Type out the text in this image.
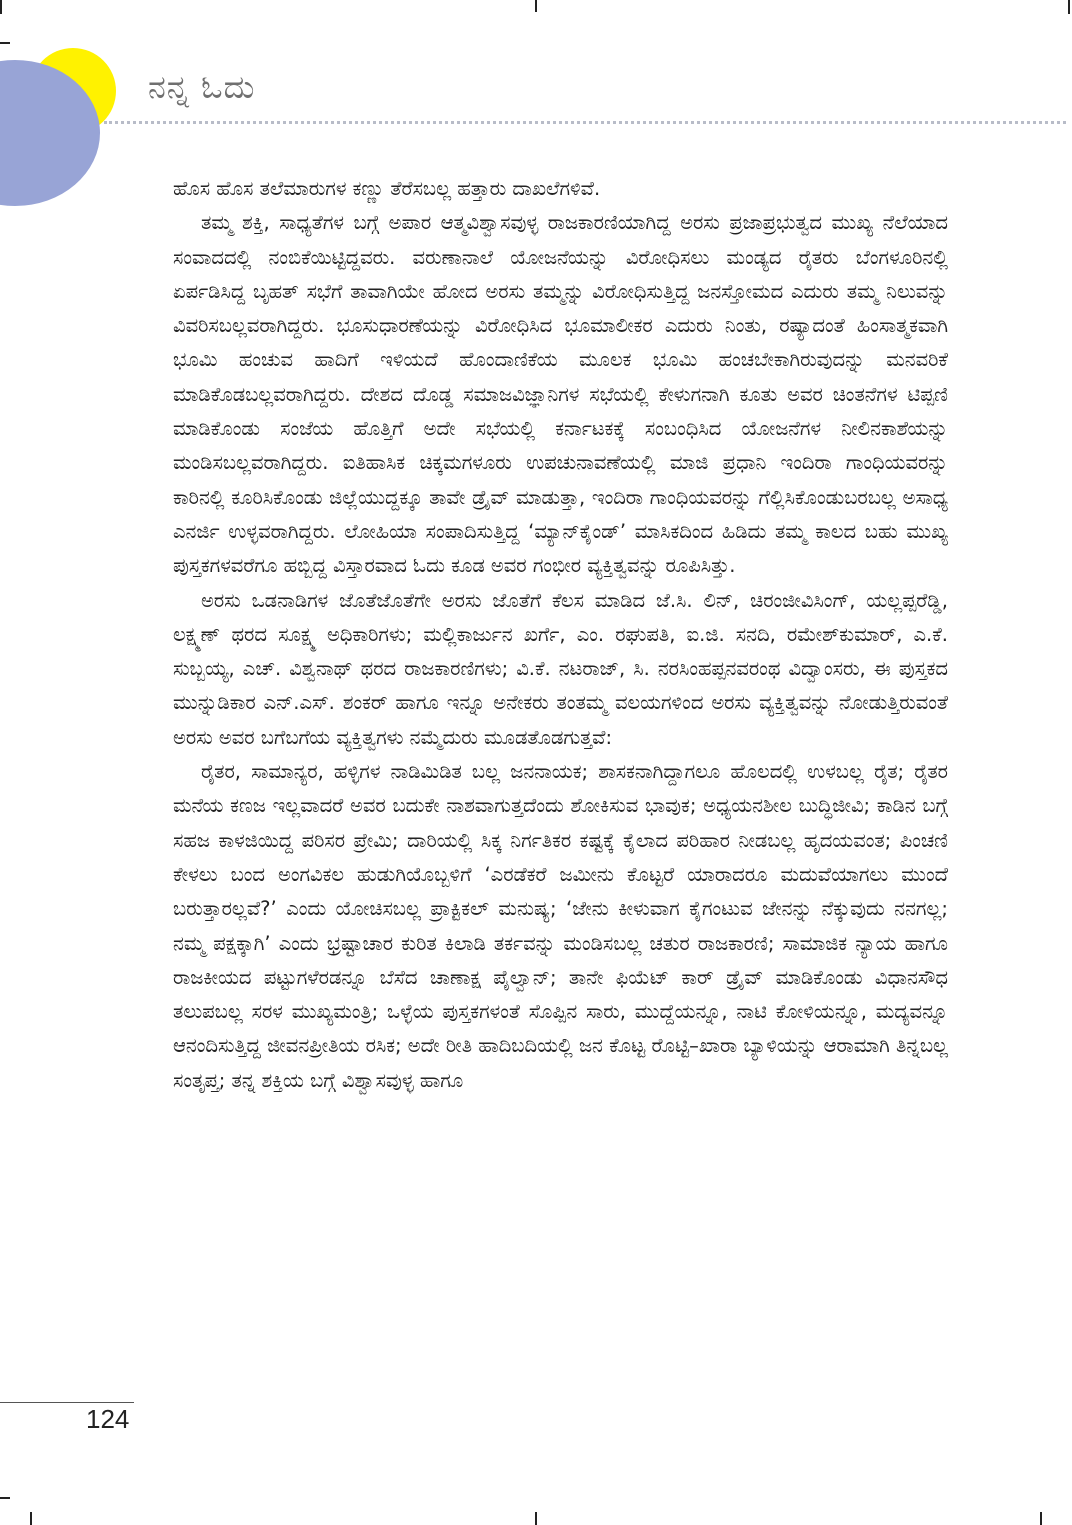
ನನ್ನ ಓದು

ಹೊಸ ಹೊಸ ತಲೆಮಾರುಗಳ ಕಣ್ಣು ತೆರೆಸಬಲ್ಲ ಹತ್ತಾರು ದಾಖಲೆಗಳಿವೆ.

ತಮ್ಮ ಶಕ್ತಿ, ಸಾಧ್ಯತೆಗಳ ಬಗ್ಗೆ ಅಪಾರ ಆತ್ಮವಿಶ್ವಾಸವುಳ್ಳ ರಾಜಕಾರಣಿಯಾಗಿದ್ದ ಅರಸು ಪ್ರಜಾಪ್ರಭುತ್ವದ ಮುಖ್ಯ ನೆಲೆಯಾದ ಸಂವಾದದಲ್ಲಿ ನಂಬಿಕೆಯಿಟ್ಟಿದ್ದವರು. ವರುಣಾನಾಲೆ ಯೋಜನೆಯನ್ನು ವಿರೋಧಿಸಲು ಮಂಡ್ಯದ ರೈತರು ಬೆಂಗಳೂರಿನಲ್ಲಿ ಏರ್ಪಡಿಸಿದ್ದ ಬೃಹತ್ ಸಭೆಗೆ ತಾವಾಗಿಯೇ ಹೋದ ಅರಸು ತಮ್ಮನ್ನು ವಿರೋಧಿಸುತ್ತಿದ್ದ ಜನಸ್ತೋಮದ ಎದುರು ತಮ್ಮ ನಿಲುವನ್ನು ವಿವರಿಸಬಲ್ಲವರಾಗಿದ್ದರು. ಭೂಸುಧಾರಣೆಯನ್ನು ವಿರೋಧಿಸಿದ ಭೂಮಾಲೀಕರ ಎದುರು ನಿಂತು, ರಷ್ಯಾದಂತೆ ಹಿಂಸಾತ್ಮಕವಾಗಿ ಭೂಮಿ ಹಂಚುವ ಹಾದಿಗೆ ಇಳಿಯದೆ ಹೊಂದಾಣಿಕೆಯ ಮೂಲಕ ಭೂಮಿ ಹಂಚಬೇಕಾಗಿರುವುದನ್ನು ಮನವರಿಕೆ ಮಾಡಿಕೊಡಬಲ್ಲವರಾಗಿದ್ದರು. ದೇಶದ ದೊಡ್ಡ ಸಮಾಜವಿಜ್ಞಾನಿಗಳ ಸಭೆಯಲ್ಲಿ ಕೇಳುಗನಾಗಿ ಕೂತು ಅವರ ಚಿಂತನೆಗಳ ಟಿಪ್ಪಣಿ ಮಾಡಿಕೊಂಡು ಸಂಜೆಯ ಹೊತ್ತಿಗೆ ಅದೇ ಸಭೆಯಲ್ಲಿ ಕರ್ನಾಟಕಕ್ಕೆ ಸಂಬಂಧಿಸಿದ ಯೋಜನೆಗಳ ನೀಲಿನಕಾಶೆಯನ್ನು ಮಂಡಿಸಬಲ್ಲವರಾಗಿದ್ದರು. ಐತಿಹಾಸಿಕ ಚಿಕ್ಕಮಗಳೂರು ಉಪಚುನಾವಣೆಯಲ್ಲಿ ಮಾಜಿ ಪ್ರಧಾನಿ ಇಂದಿರಾ ಗಾಂಧಿಯವರನ್ನು ಕಾರಿನಲ್ಲಿ ಕೂರಿಸಿಕೊಂಡು ಜಿಲ್ಲೆಯುದ್ದಕ್ಕೂ ತಾವೇ ಡ್ರೈವ್ ಮಾಡುತ್ತಾ, ಇಂದಿರಾ ಗಾಂಧಿಯವರನ್ನು ಗೆಲ್ಲಿಸಿಕೊಂಡುಬರಬಲ್ಲ ಅಸಾಧ್ಯ ಎನರ್ಜಿ ಉಳ್ಳವರಾಗಿದ್ದರು. ಲೋಹಿಯಾ ಸಂಪಾದಿಸುತ್ತಿದ್ದ ‘ಮ್ಯಾನ್‌ಕೈಂಡ್’ ಮಾಸಿಕದಿಂದ ಹಿಡಿದು ತಮ್ಮ ಕಾಲದ ಬಹು ಮುಖ್ಯ ಪುಸ್ತಕಗಳವರೆಗೂ ಹಬ್ಬಿದ್ದ ವಿಸ್ತಾರವಾದ ಓದು ಕೂಡ ಅವರ ಗಂಭೀರ ವ್ಯಕ್ತಿತ್ವವನ್ನು ರೂಪಿಸಿತ್ತು.

ಅರಸು ಒಡನಾಡಿಗಳ ಜೊತೆಜೊತೆಗೇ ಅರಸು ಜೊತೆಗೆ ಕೆಲಸ ಮಾಡಿದ ಜೆ.ಸಿ. ಲಿನ್, ಚಿರಂಜೀವಿಸಿಂಗ್, ಯಲ್ಲಪ್ಪರೆಡ್ಡಿ, ಲಕ್ಷ್ಮಣ್ ಥರದ ಸೂಕ್ಷ್ಮ ಅಧಿಕಾರಿಗಳು; ಮಲ್ಲಿಕಾರ್ಜುನ ಖರ್ಗೆ, ಎಂ. ರಘುಪತಿ, ಐ.ಜಿ. ಸನದಿ, ರಮೇಶ್‌ಕುಮಾರ್, ಎ.ಕೆ. ಸುಬ್ಬಯ್ಯ, ಎಚ್. ವಿಶ್ವನಾಥ್ ಥರದ ರಾಜಕಾರಣಿಗಳು; ವಿ.ಕೆ. ನಟರಾಜ್, ಸಿ. ನರಸಿಂಹಪ್ಪನವರಂಥ ವಿದ್ವಾಂಸರು, ಈ ಪುಸ್ತಕದ ಮುನ್ನುಡಿಕಾರ ಎನ್.ಎಸ್. ಶಂಕರ್ ಹಾಗೂ ಇನ್ನೂ ಅನೇಕರು ತಂತಮ್ಮ ವಲಯಗಳಿಂದ ಅರಸು ವ್ಯಕ್ತಿತ್ವವನ್ನು ನೋಡುತ್ತಿರುವಂತೆ ಅರಸು ಅವರ ಬಗೆಬಗೆಯ ವ್ಯಕ್ತಿತ್ವಗಳು ನಮ್ಮೆದುರು ಮೂಡತೊಡಗುತ್ತವೆ:

ರೈತರ, ಸಾಮಾನ್ಯರ, ಹಳ್ಳಿಗಳ ನಾಡಿಮಿಡಿತ ಬಲ್ಲ ಜನನಾಯಕ; ಶಾಸಕನಾಗಿದ್ದಾಗಲೂ ಹೊಲದಲ್ಲಿ ಉಳಬಲ್ಲ ರೈತ; ರೈತರ ಮನೆಯ ಕಣಜ ಇಲ್ಲವಾದರೆ ಅವರ ಬದುಕೇ ನಾಶವಾಗುತ್ತದೆಂದು ಶೋಕಿಸುವ ಭಾವುಕ; ಅಧ್ಯಯನಶೀಲ ಬುದ್ಧಿಜೀವಿ; ಕಾಡಿನ ಬಗ್ಗೆ ಸಹಜ ಕಾಳಜಿಯಿದ್ದ ಪರಿಸರ ಪ್ರೇಮಿ; ದಾರಿಯಲ್ಲಿ ಸಿಕ್ಕ ನಿರ್ಗತಿಕರ ಕಷ್ಟಕ್ಕೆ ಕೈಲಾದ ಪರಿಹಾರ ನೀಡಬಲ್ಲ ಹೃದಯವಂತ; ಪಿಂಚಣಿ ಕೇಳಲು ಬಂದ ಅಂಗವಿಕಲ ಹುಡುಗಿಯೊಬ್ಬಳಿಗೆ ‘ಎರಡೆಕರೆ ಜಮೀನು ಕೊಟ್ಟರೆ ಯಾರಾದರೂ ಮದುವೆಯಾಗಲು ಮುಂದೆ ಬರುತ್ತಾರಲ್ಲವೆ?’ ಎಂದು ಯೋಚಿಸಬಲ್ಲ ಪ್ರಾಕ್ಟಿಕಲ್ ಮನುಷ್ಯ; ‘ಜೇನು ಕೀಳುವಾಗ ಕೈಗಂಟುವ ಜೇನನ್ನು ನೆಕ್ಕುವುದು ನನಗಲ್ಲ; ನಮ್ಮ ಪಕ್ಷಕ್ಕಾಗಿ’ ಎಂದು ಭ್ರಷ್ಟಾಚಾರ ಕುರಿತ ಕಿಲಾಡಿ ತರ್ಕವನ್ನು ಮಂಡಿಸಬಲ್ಲ ಚತುರ ರಾಜಕಾರಣಿ; ಸಾಮಾಜಿಕ ನ್ಯಾಯ ಹಾಗೂ ರಾಜಕೀಯದ ಪಟ್ಟುಗಳೆರಡನ್ನೂ ಬೆಸೆದ ಚಾಣಾಕ್ಷ ಪೈಲ್ವಾನ್; ತಾನೇ ಫಿಯೆಟ್ ಕಾರ್ ಡ್ರೈವ್ ಮಾಡಿಕೊಂಡು ವಿಧಾನಸೌಧ ತಲುಪಬಲ್ಲ ಸರಳ ಮುಖ್ಯಮಂತ್ರಿ; ಒಳ್ಳೆಯ ಪುಸ್ತಕಗಳಂತೆ ಸೊಪ್ಪಿನ ಸಾರು, ಮುದ್ದೆಯನ್ನೂ, ನಾಟಿ ಕೋಳಿಯನ್ನೂ, ಮದ್ಯವನ್ನೂ ಆನಂದಿಸುತ್ತಿದ್ದ ಜೀವನಪ್ರೀತಿಯ ರಸಿಕ; ಅದೇ ರೀತಿ ಹಾದಿಬದಿಯಲ್ಲಿ ಜನ ಕೊಟ್ಟ ರೊಟ್ಟಿ–ಖಾರಾ ಬ್ಯಾಳಿಯನ್ನು ಆರಾಮಾಗಿ ತಿನ್ನಬಲ್ಲ ಸಂತೃಪ್ತ; ತನ್ನ ಶಕ್ತಿಯ ಬಗ್ಗೆ ವಿಶ್ವಾಸವುಳ್ಳ ಹಾಗೂ

124
